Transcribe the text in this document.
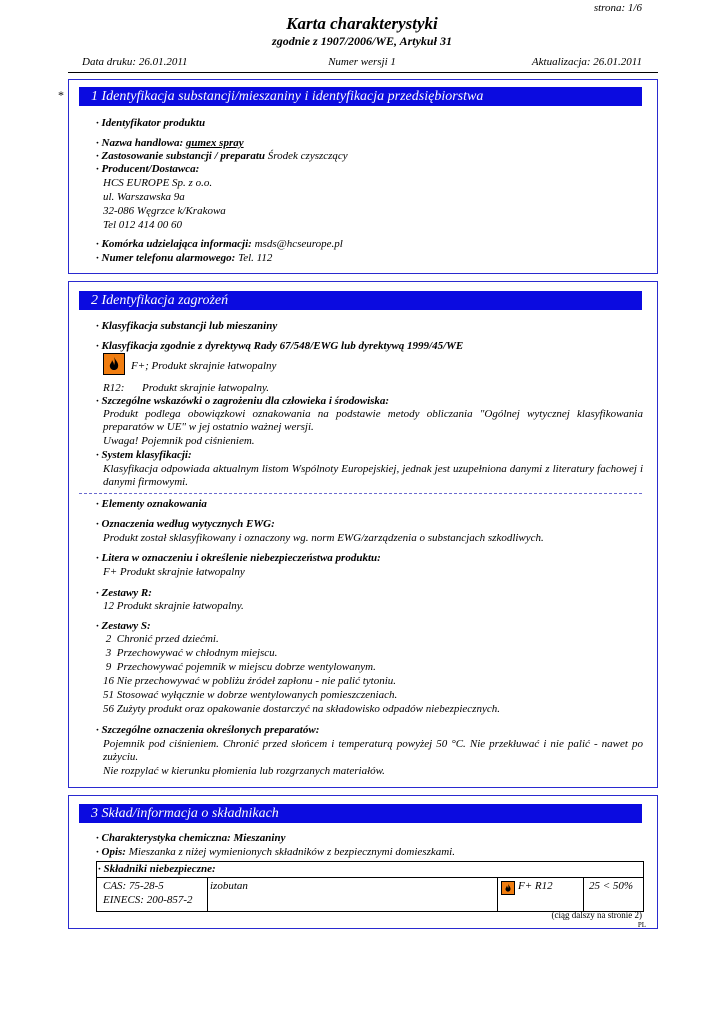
strona: 1/6
Karta charakterystyki
zgodnie z 1907/2006/WE, Artykuł 31
Data druku: 26.01.2011	Numer wersji 1	Aktualizacja: 26.01.2011
*	1 Identyfikacja substancji/mieszaniny i identyfikacja przedsiębiorstwa
· Identyfikator produktu
· Nazwa handlowa: gumex spray
· Zastosowanie substancji / preparatu Środek czyszczący
· Producent/Dostawca:
HCS EUROPE Sp. z o.o.
ul. Warszawska 9a
32-086 Węgrzce k/Krakowa
Tel 012 414 00 60
· Komórka udzielająca informacji: msds@hcseurope.pl
· Numer telefonu alarmowego: Tel. 112
2 Identyfikacja zagrożeń
· Klasyfikacja substancji lub mieszaniny
· Klasyfikacja zgodnie z dyrektywą Rady 67/548/EWG lub dyrektywą 1999/45/WE
F+; Produkt skrajnie łatwopalny
R12: Produkt skrajnie łatwopalny.
· Szczególne wskazówki o zagrożeniu dla człowieka i środowiska:
Produkt podlega obowiązkowi oznakowania na podstawie metody obliczania "Ogólnej wytycznej klasyfikowania preparatów w UE" w jej ostatnio ważnej wersji.
Uwaga! Pojemnik pod ciśnieniem.
· System klasyfikacji:
Klasyfikacja odpowiada aktualnym listom Wspólnoty Europejskiej, jednak jest uzupełniona danymi z literatury fachowej i danymi firmowymi.
· Elementy oznakowania
· Oznaczenia według wytycznych EWG:
Produkt został sklasyfikowany i oznaczony wg. norm EWG/zarządzenia o substancjach szkodliwych.
· Litera w oznaczeniu i określenie niebezpieczeństwa produktu:
F+ Produkt skrajnie łatwopalny
· Zestawy R:
12 Produkt skrajnie łatwopalny.
· Zestawy S:
2  Chronić przed dziećmi.
3  Przechowywać w chłodnym miejscu.
9  Przechowywać pojemnik w miejscu dobrze wentylowanym.
16 Nie przechowywać w pobliżu źródeł zapłonu - nie palić tytoniu.
51 Stosować wyłącznie w dobrze wentylowanych pomieszczeniach.
56 Zużyty produkt oraz opakowanie dostarczyć na składowisko odpadów niebezpiecznych.
· Szczególne oznaczenia określonych preparatów:
Pojemnik pod ciśnieniem. Chronić przed słońcem i temperaturą powyżej 50 °C. Nie przekłuwać i nie palić - nawet po zużyciu.
Nie rozpylać w kierunku płomienia lub rozgrzanych materiałów.
3 Skład/informacja o składnikach
· Charakterystyka chemiczna: Mieszaniny
· Opis: Mieszanka z niżej wymienionych składników z bezpiecznymi domieszkami.
· Składniki niebezpieczne:
CAS: 75-28-5
EINECS: 200-857-2
izobutan	F+ R12	25 < 50%
(ciąg dalszy na stronie 2)
PL
